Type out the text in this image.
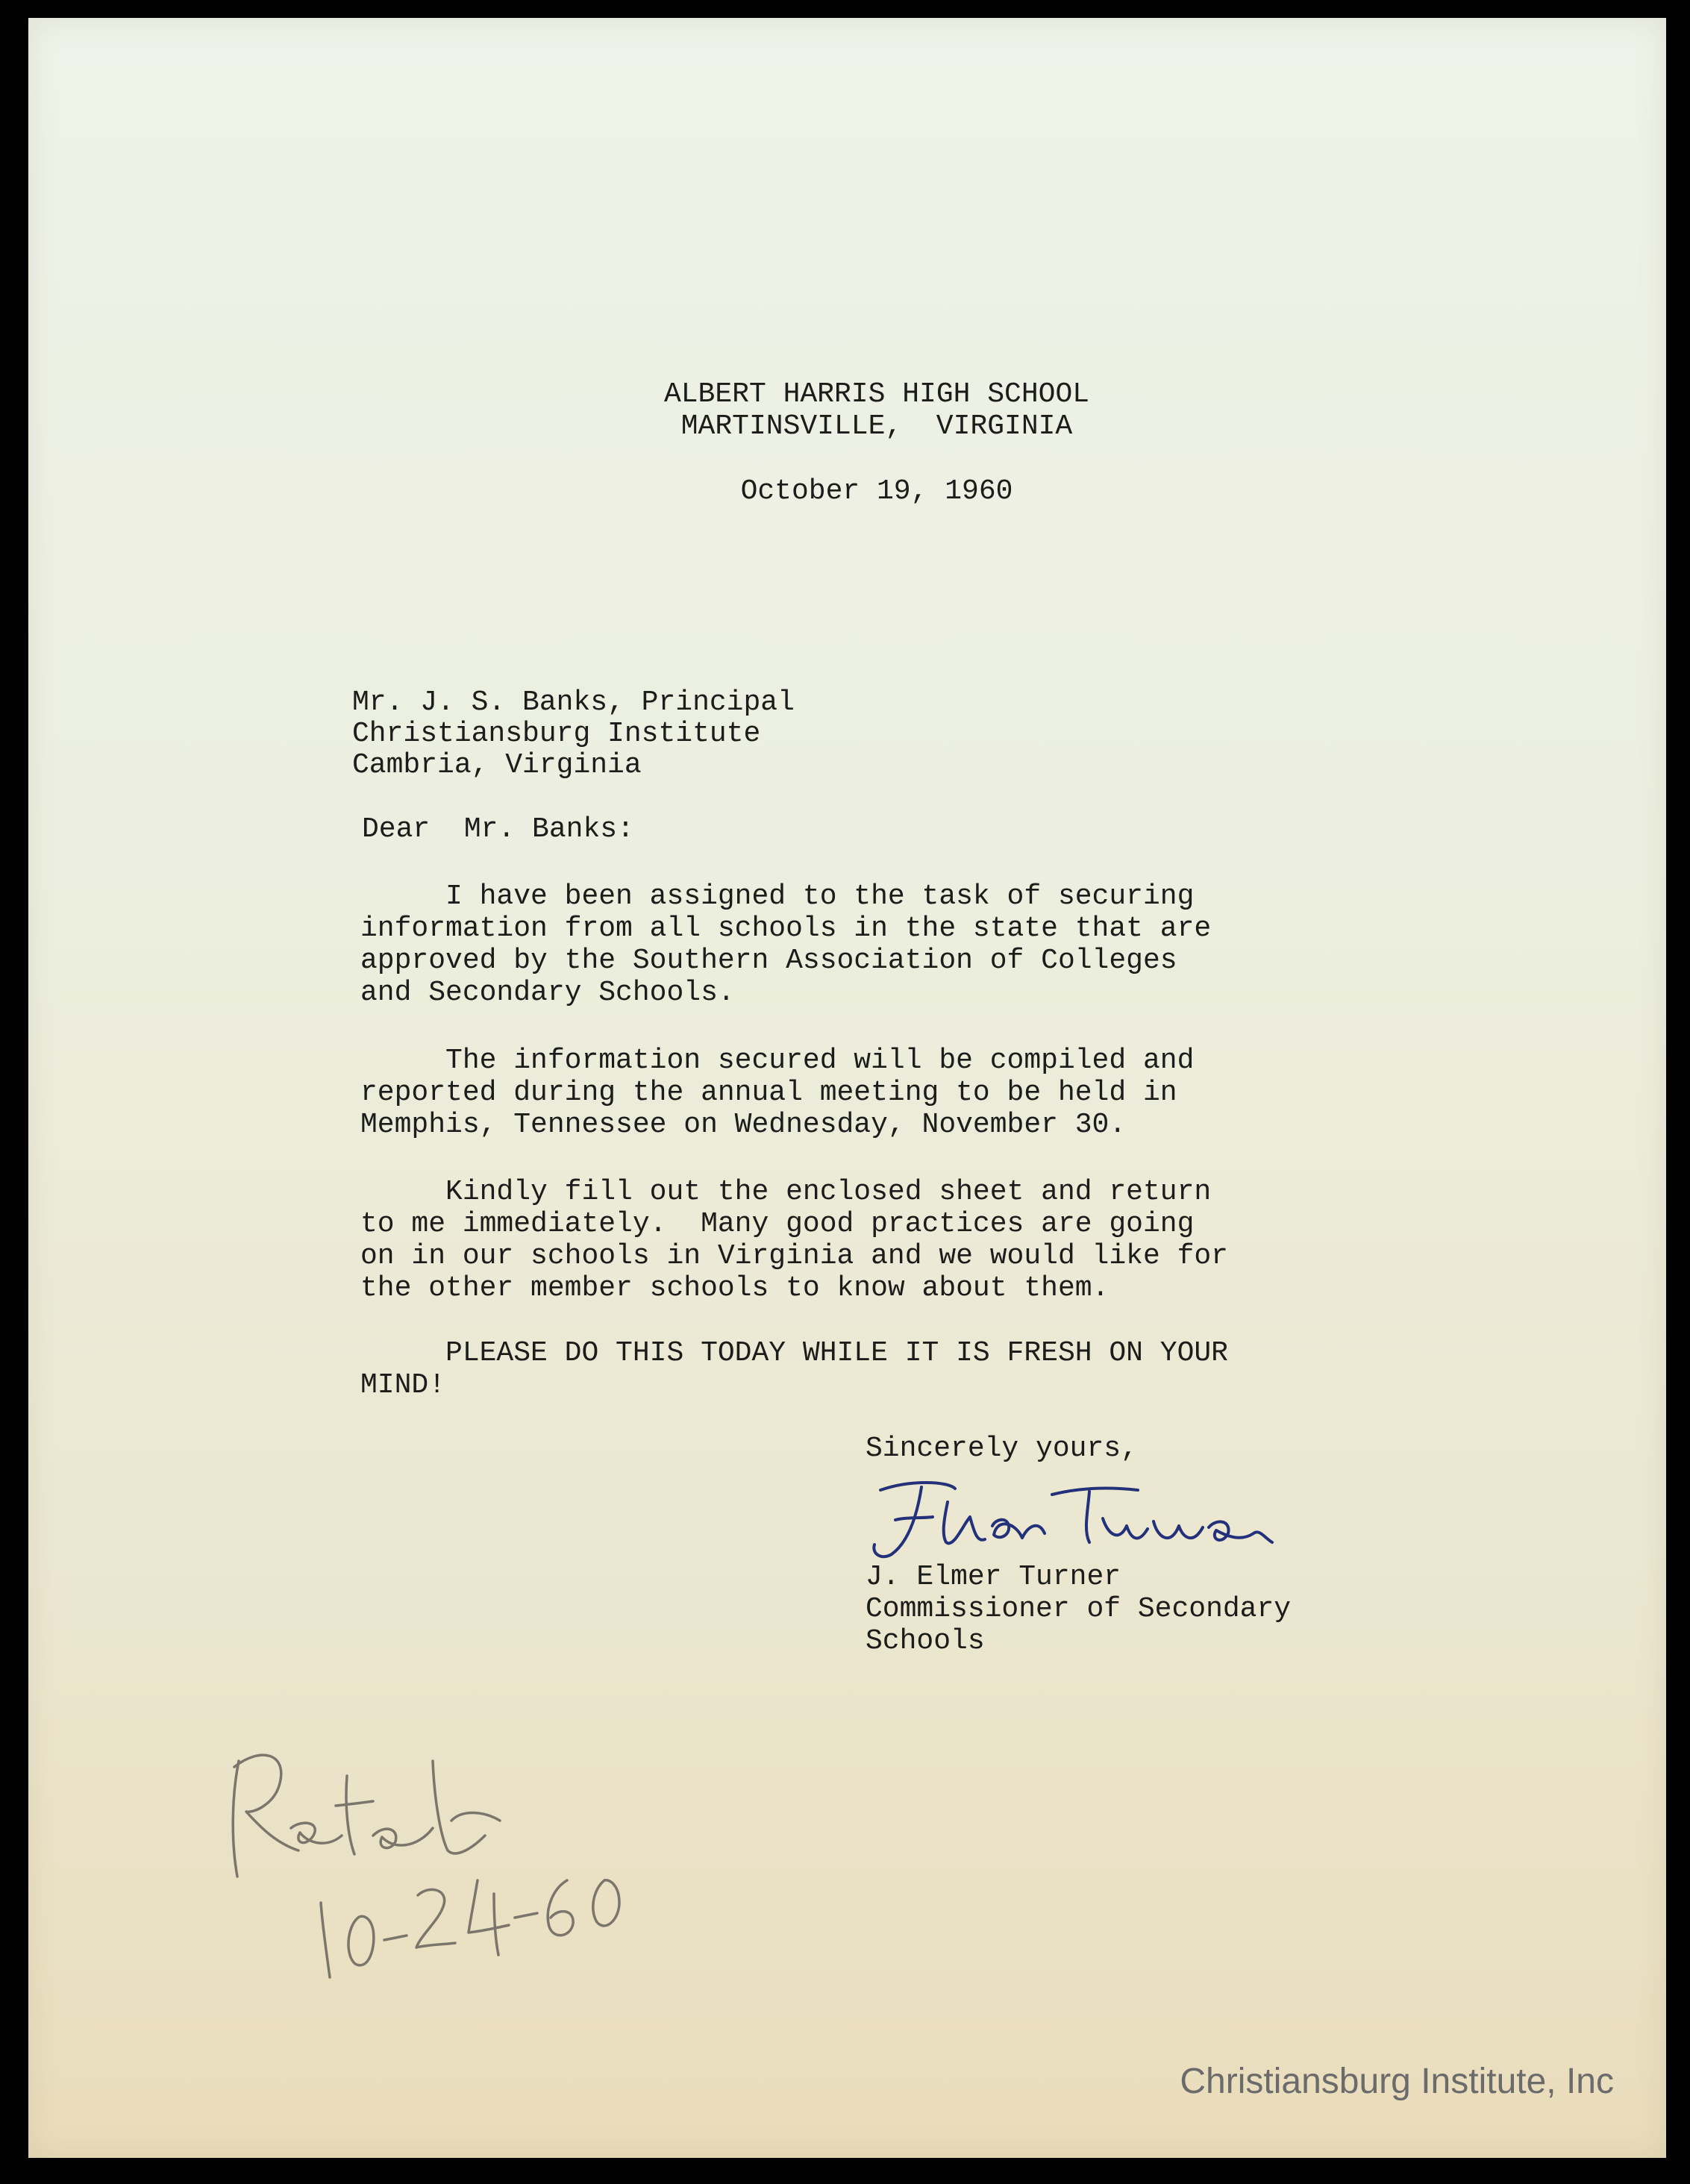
ALBERT HARRIS HIGH SCHOOL

MARTINSVILLE,  VIRGINIA

October 19, 1960

Mr. J. S. Banks, Principal

Christiansburg Institute

Cambria, Virginia

Dear  Mr. Banks:

I have been assigned to the task of securing
information from all schools in the state that are
approved by the Southern Association of Colleges
and Secondary Schools.

The information secured will be compiled and
reported during the annual meeting to be held in
Memphis, Tennessee on Wednesday, November 30.

Kindly fill out the enclosed sheet and return
to me immediately.  Many good practices are going
on in our schools in Virginia and we would like for
the other member schools to know about them.

PLEASE DO THIS TODAY WHILE IT IS FRESH ON YOUR
MIND!

Sincerely yours,

J. Elmer Turner

Commissioner of Secondary

Schools

Christiansburg Institute, Inc
